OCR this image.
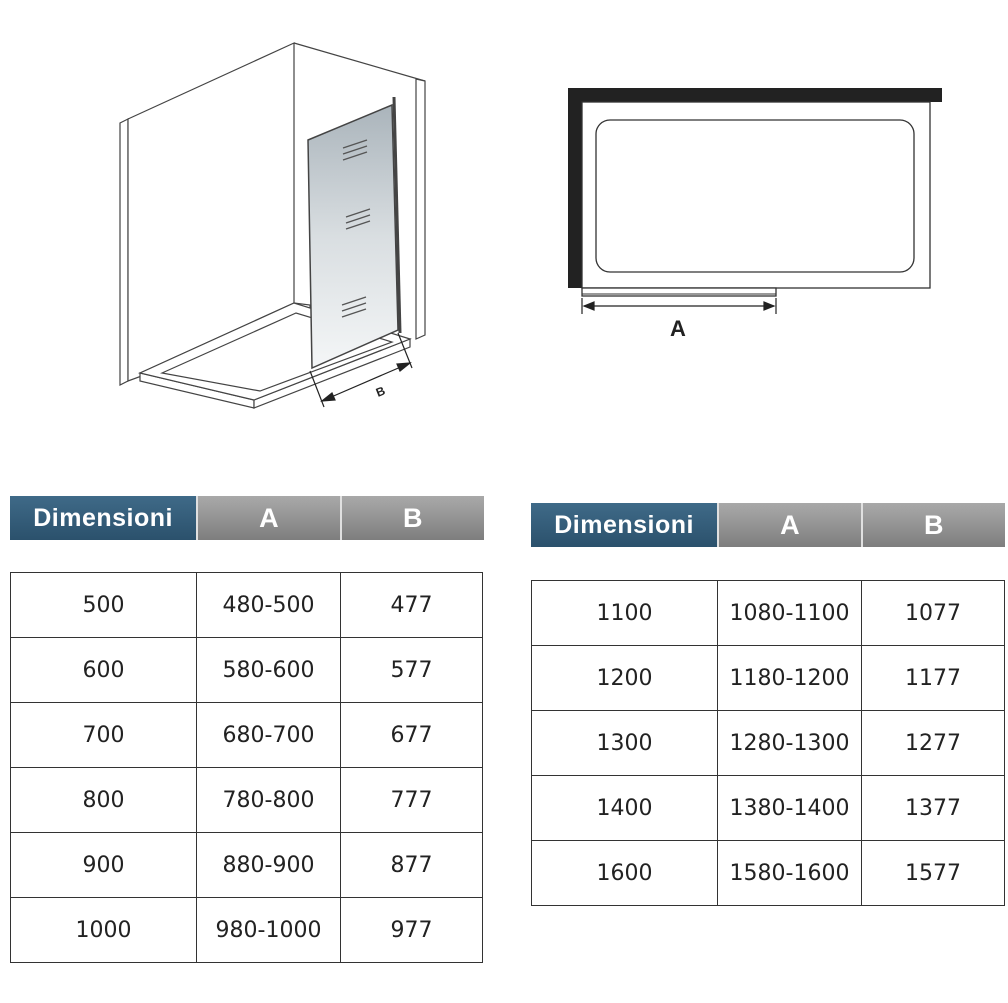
B
A
Dimensioni	A	B
500	480-500	477
600	580-600	577
700	680-700	677
800	780-800	777
900	880-900	877
1000	980-1000	977
Dimensioni	A	B
1100	1080-1100	1077
1200	1180-1200	1177
1300	1280-1300	1277
1400	1380-1400	1377
1600	1580-1600	1577
